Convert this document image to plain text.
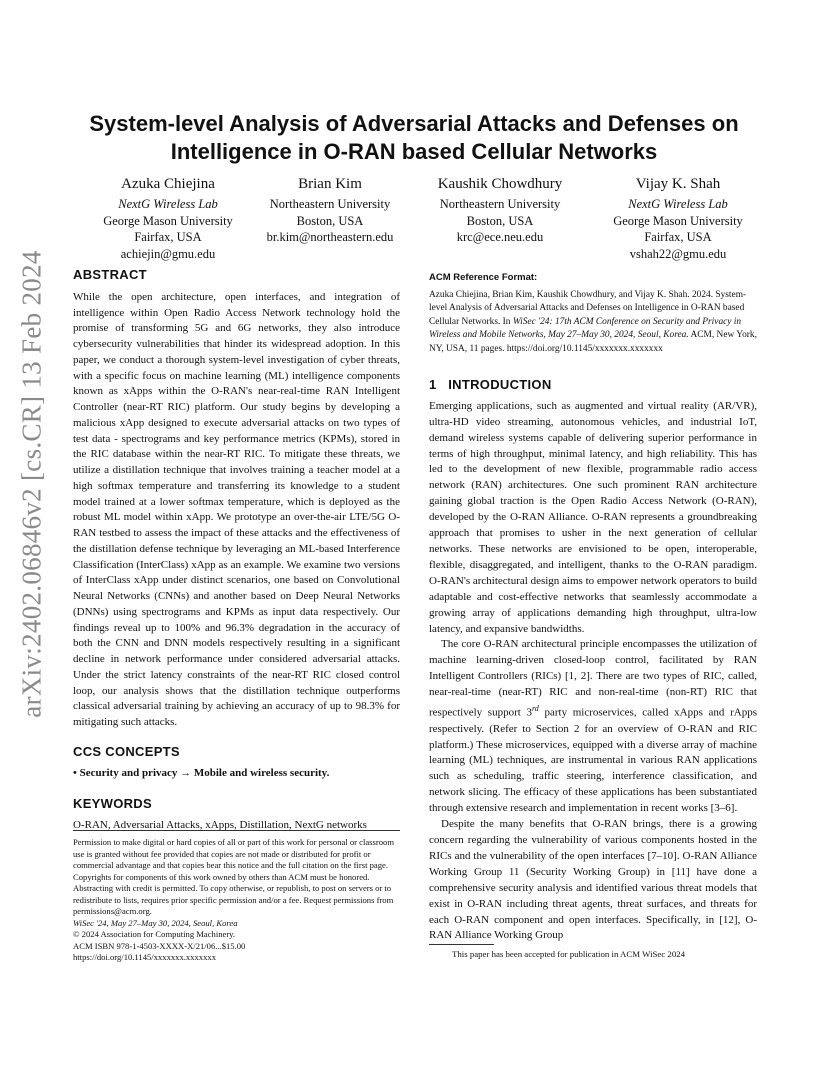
arXiv:2402.06846v2 [cs.CR] 13 Feb 2024
System-level Analysis of Adversarial Attacks and Defenses on
Intelligence in O-RAN based Cellular Networks
Azuka Chiejina
NextG Wireless Lab
George Mason University
Fairfax, USA
achiejin@gmu.edu
Brian Kim
Northeastern University
Boston, USA
br.kim@northeastern.edu
Kaushik Chowdhury
Northeastern University
Boston, USA
krc@ece.neu.edu
Vijay K. Shah
NextG Wireless Lab
George Mason University
Fairfax, USA
vshah22@gmu.edu
ABSTRACT

While the open architecture, open interfaces, and integration of intelligence within Open Radio Access Network technology hold the promise of transforming 5G and 6G networks, they also introduce cybersecurity vulnerabilities that hinder its widespread adoption. In this paper, we conduct a thorough system-level investigation of cyber threats, with a specific focus on machine learning (ML) intelligence components known as xApps within the O-RAN's near-real-time RAN Intelligent Controller (near-RT RIC) platform. Our study begins by developing a malicious xApp designed to execute adversarial attacks on two types of test data - spectrograms and key performance metrics (KPMs), stored in the RIC database within the near-RT RIC. To mitigate these threats, we utilize a distillation technique that involves training a teacher model at a high softmax temperature and transferring its knowledge to a student model trained at a lower softmax temperature, which is deployed as the robust ML model within xApp. We prototype an over-the-air LTE/5G O-RAN testbed to assess the impact of these attacks and the effectiveness of the distillation defense technique by leveraging an ML-based Interference Classification (InterClass) xApp as an example. We examine two versions of InterClass xApp under distinct scenarios, one based on Convolutional Neural Networks (CNNs) and another based on Deep Neural Networks (DNNs) using spectrograms and KPMs as input data respectively. Our findings reveal up to 100% and 96.3% degradation in the accuracy of both the CNN and DNN models respectively resulting in a significant decline in network performance under considered adversarial attacks. Under the strict latency constraints of the near-RT RIC closed control loop, our analysis shows that the distillation technique outperforms classical adversarial training by achieving an accuracy of up to 98.3% for mitigating such attacks.

CCS CONCEPTS

• Security and privacy → Mobile and wireless security.

KEYWORDS

O-RAN, Adversarial Attacks, xApps, Distillation, NextG networks

Permission to make digital or hard copies of all or part of this work for personal or classroom use is granted without fee provided that copies are not made or distributed for profit or commercial advantage and that copies bear this notice and the full citation on the first page. Copyrights for components of this work owned by others than ACM must be honored. Abstracting with credit is permitted. To copy otherwise, or republish, to post on servers or to redistribute to lists, requires prior specific permission and/or a fee. Request permissions from permissions@acm.org.

WiSec '24, May 27–May 30, 2024, Seoul, Korea

© 2024 Association for Computing Machinery.

ACM ISBN 978-1-4503-XXXX-X/21/06...$15.00

https://doi.org/10.1145/xxxxxxx.xxxxxxx

ACM Reference Format:

Azuka Chiejina, Brian Kim, Kaushik Chowdhury, and Vijay K. Shah. 2024. System-level Analysis of Adversarial Attacks and Defenses on Intelligence in O-RAN based Cellular Networks. In WiSec '24: 17th ACM Conference on Security and Privacy in Wireless and Mobile Networks, May 27–May 30, 2024, Seoul, Korea. ACM, New York, NY, USA, 11 pages. https://doi.org/10.1145/xxxxxxx.xxxxxxx

1   INTRODUCTION

Emerging applications, such as augmented and virtual reality (AR/VR), ultra-HD video streaming, autonomous vehicles, and industrial IoT, demand wireless systems capable of delivering superior performance in terms of high throughput, minimal latency, and high reliability. This has led to the development of new flexible, programmable radio access network (RAN) architectures. One such prominent RAN architecture gaining global traction is the Open Radio Access Network (O-RAN), developed by the O-RAN Alliance. O-RAN represents a groundbreaking approach that promises to usher in the next generation of cellular networks. These networks are envisioned to be open, interoperable, flexible, disaggregated, and intelligent, thanks to the O-RAN paradigm. O-RAN's architectural design aims to empower network operators to build adaptable and cost-effective networks that seamlessly accommodate a growing array of applications demanding high throughput, ultra-low latency, and expansive bandwidths.

The core O-RAN architectural principle encompasses the utilization of machine learning-driven closed-loop control, facilitated by RAN Intelligent Controllers (RICs) [1, 2]. There are two types of RIC, called, near-real-time (near-RT) RIC and non-real-time (non-RT) RIC that respectively support 3rd party microservices, called xApps and rApps respectively. (Refer to Section 2 for an overview of O-RAN and RIC platform.) These microservices, equipped with a diverse array of machine learning (ML) techniques, are instrumental in various RAN applications such as scheduling, traffic steering, interference classification, and network slicing. The efficacy of these applications has been substantiated through extensive research and implementation in recent works [3–6].

Despite the many benefits that O-RAN brings, there is a growing concern regarding the vulnerability of various components hosted in the RICs and the vulnerability of the open interfaces [7–10]. O-RAN Alliance Working Group 11 (Security Working Group) in [11] have done a comprehensive security analysis and identified various threat models that exist in O-RAN including threat agents, threat surfaces, and threats for each O-RAN component and open interfaces. Specifically, in [12], O-RAN Alliance Working Group

This paper has been accepted for publication in ACM WiSec 2024
